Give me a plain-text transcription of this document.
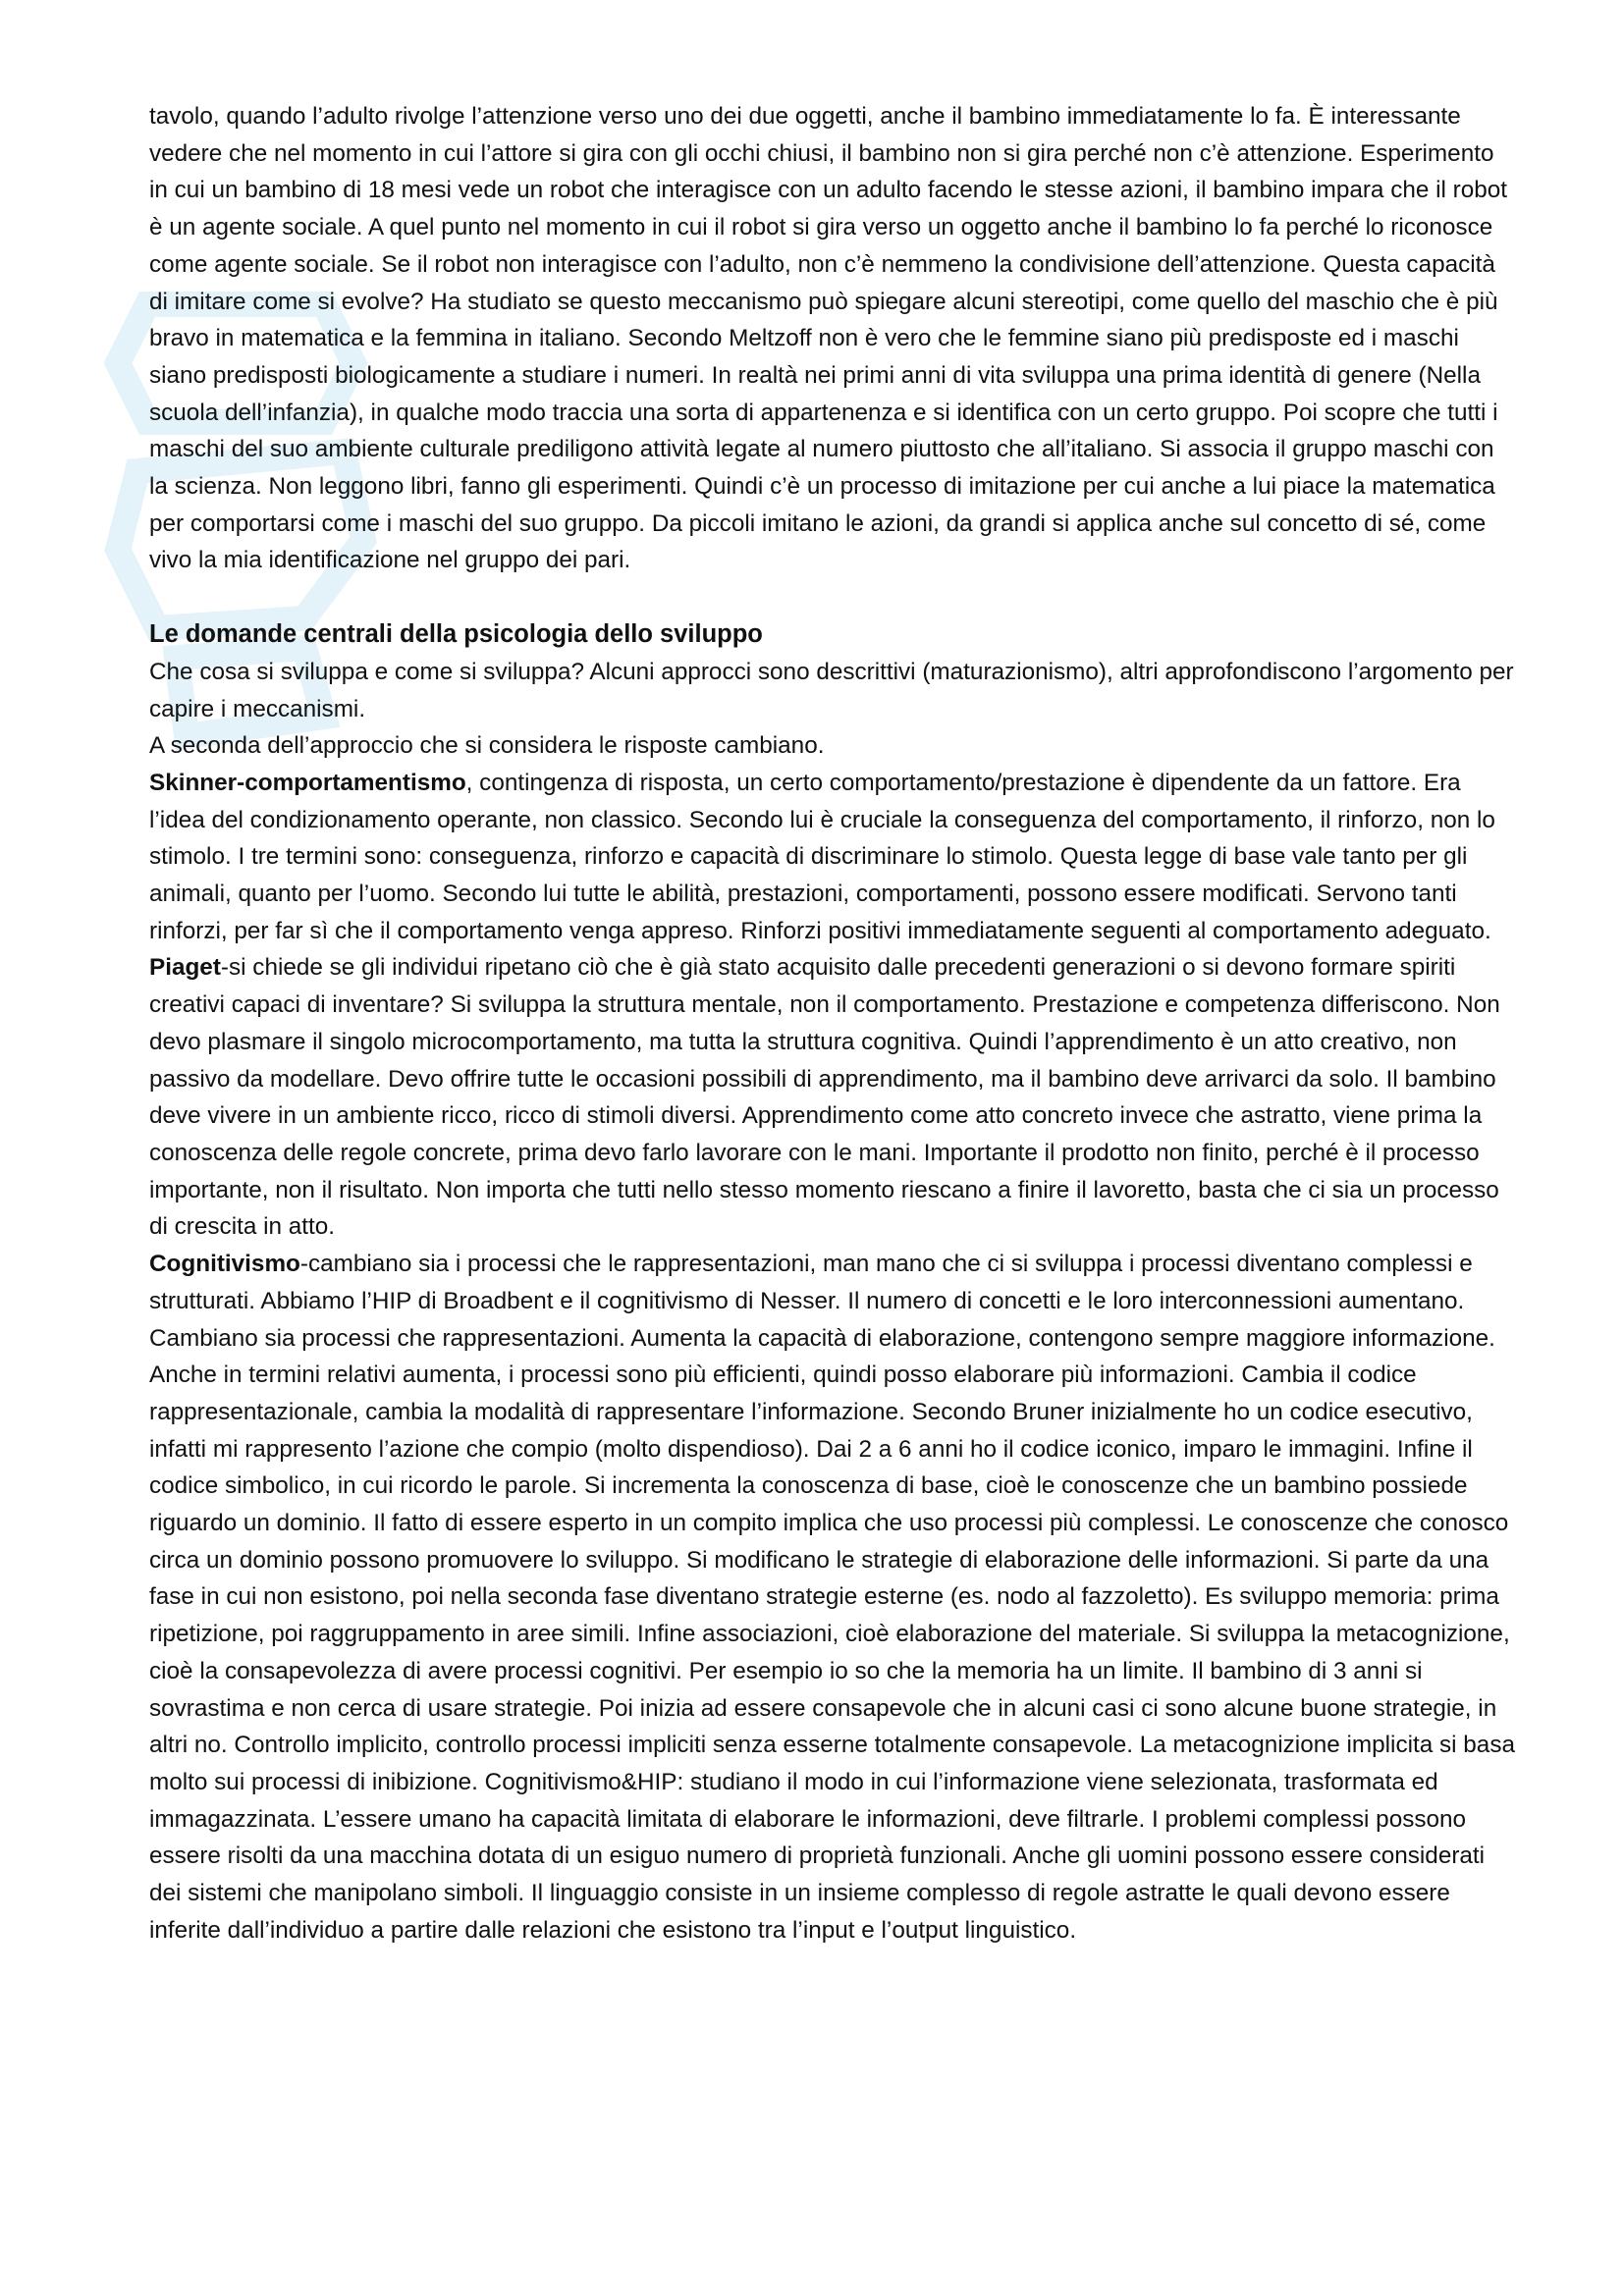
tavolo, quando l’adulto rivolge l’attenzione verso uno dei due oggetti, anche il bambino immediatamente lo fa. È interessante vedere che nel momento in cui l’attore si gira con gli occhi chiusi, il bambino non si gira perché non c’è attenzione. Esperimento in cui un bambino di 18 mesi vede un robot che interagisce con un adulto facendo le stesse azioni, il bambino impara che il robot è un agente sociale. A quel punto nel momento in cui il robot si gira verso un oggetto anche il bambino lo fa perché lo riconosce come agente sociale. Se il robot non interagisce con l’adulto, non c’è nemmeno la condivisione dell’attenzione. Questa capacità di imitare come si evolve? Ha studiato se questo meccanismo può spiegare alcuni stereotipi, come quello del maschio che è più bravo in matematica e la femmina in italiano. Secondo Meltzoff non è vero che le femmine siano più predisposte ed i maschi siano predisposti biologicamente a studiare i numeri. In realtà nei primi anni di vita sviluppa una prima identità di genere (Nella scuola dell’infanzia), in qualche modo traccia una sorta di appartenenza e si identifica con un certo gruppo. Poi scopre che tutti i maschi del suo ambiente culturale prediligono attività legate al numero piuttosto che all’italiano. Si associa il gruppo maschi con la scienza. Non leggono libri, fanno gli esperimenti. Quindi c’è un processo di imitazione per cui anche a lui piace la matematica per comportarsi come i maschi del suo gruppo. Da piccoli imitano le azioni, da grandi si applica anche sul concetto di sé, come vivo la mia identificazione nel gruppo dei pari.

Le domande centrali della psicologia dello sviluppo

Che cosa si sviluppa e come si sviluppa? Alcuni approcci sono descrittivi (maturazionismo), altri approfondiscono l’argomento per capire i meccanismi.

A seconda dell’approccio che si considera le risposte cambiano.

Skinner-comportamentismo, contingenza di risposta, un certo comportamento/prestazione è dipendente da un fattore. Era l’idea del condizionamento operante, non classico. Secondo lui è cruciale la conseguenza del comportamento, il rinforzo, non lo stimolo. I tre termini sono: conseguenza, rinforzo e capacità di discriminare lo stimolo. Questa legge di base vale tanto per gli animali, quanto per l’uomo. Secondo lui tutte le abilità, prestazioni, comportamenti, possono essere modificati. Servono tanti rinforzi, per far sì che il comportamento venga appreso. Rinforzi positivi immediatamente seguenti al comportamento adeguato.

Piaget-si chiede se gli individui ripetano ciò che è già stato acquisito dalle precedenti generazioni o si devono formare spiriti creativi capaci di inventare? Si sviluppa la struttura mentale, non il comportamento. Prestazione e competenza differiscono. Non devo plasmare il singolo microcomportamento, ma tutta la struttura cognitiva. Quindi l’apprendimento è un atto creativo, non passivo da modellare. Devo offrire tutte le occasioni possibili di apprendimento, ma il bambino deve arrivarci da solo. Il bambino deve vivere in un ambiente ricco, ricco di stimoli diversi. Apprendimento come atto concreto invece che astratto, viene prima la conoscenza delle regole concrete, prima devo farlo lavorare con le mani. Importante il prodotto non finito, perché è il processo importante, non il risultato. Non importa che tutti nello stesso momento riescano a finire il lavoretto, basta che ci sia un processo di crescita in atto.

Cognitivismo-cambiano sia i processi che le rappresentazioni, man mano che ci si sviluppa i processi diventano complessi e strutturati. Abbiamo l’HIP di Broadbent e il cognitivismo di Nesser. Il numero di concetti e le loro interconnessioni aumentano. Cambiano sia processi che rappresentazioni. Aumenta la capacità di elaborazione, contengono sempre maggiore informazione. Anche in termini relativi aumenta, i processi sono più efficienti, quindi posso elaborare più informazioni. Cambia il codice rappresentazionale, cambia la modalità di rappresentare l’informazione. Secondo Bruner inizialmente ho un codice esecutivo, infatti mi rappresento l’azione che compio (molto dispendioso). Dai 2 a 6 anni ho il codice iconico, imparo le immagini. Infine il codice simbolico, in cui ricordo le parole. Si incrementa la conoscenza di base, cioè le conoscenze che un bambino possiede riguardo un dominio. Il fatto di essere esperto in un compito implica che uso processi più complessi. Le conoscenze che conosco circa un dominio possono promuovere lo sviluppo. Si modificano le strategie di elaborazione delle informazioni. Si parte da una fase in cui non esistono, poi nella seconda fase diventano strategie esterne (es. nodo al fazzoletto). Es sviluppo memoria: prima ripetizione, poi raggruppamento in aree simili. Infine associazioni, cioè elaborazione del materiale. Si sviluppa la metacognizione, cioè la consapevolezza di avere processi cognitivi. Per esempio io so che la memoria ha un limite. Il bambino di 3 anni si sovrastima e non cerca di usare strategie. Poi inizia ad essere consapevole che in alcuni casi ci sono alcune buone strategie, in altri no. Controllo implicito, controllo processi impliciti senza esserne totalmente consapevole. La metacognizione implicita si basa molto sui processi di inibizione. Cognitivismo&HIP: studiano il modo in cui l’informazione viene selezionata, trasformata ed immagazzinata. L’essere umano ha capacità limitata di elaborare le informazioni, deve filtrarle. I problemi complessi possono essere risolti da una macchina dotata di un esiguo numero di proprietà funzionali. Anche gli uomini possono essere considerati dei sistemi che manipolano simboli. Il linguaggio consiste in un insieme complesso di regole astratte le quali devono essere inferite dall’individuo a partire dalle relazioni che esistono tra l’input e l’output linguistico.
